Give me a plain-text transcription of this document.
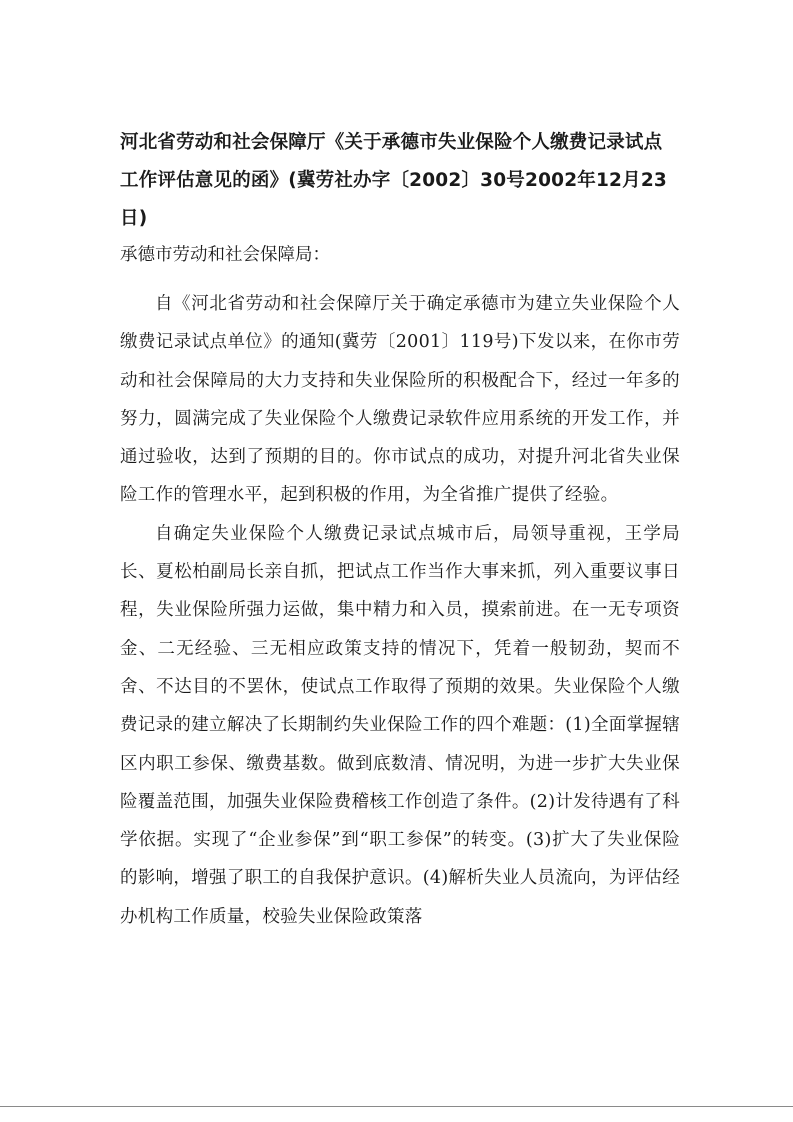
河北省劳动和社会保障厅《关于承德市失业保险个人缴费记录试点工作评估意见的函》(冀劳社办字〔2002〕30号2002年12月23日)

承德市劳动和社会保障局：

自《河北省劳动和社会保障厅关于确定承德市为建立失业保险个人缴费记录试点单位》的通知(冀劳〔2001〕119号)下发以来，在你市劳动和社会保障局的大力支持和失业保险所的积极配合下，经过一年多的努力，圆满完成了失业保险个人缴费记录软件应用系统的开发工作，并通过验收，达到了预期的目的。你市试点的成功，对提升河北省失业保险工作的管理水平，起到积极的作用，为全省推广提供了经验。

自确定失业保险个人缴费记录试点城市后，局领导重视，王学局长、夏松柏副局长亲自抓，把试点工作当作大事来抓，列入重要议事日程，失业保险所强力运做，集中精力和入员，摸索前进。在一无专项资金、二无经验、三无相应政策支持的情况下，凭着一般韧劲，契而不舍、不达目的不罢休，使试点工作取得了预期的效果。失业保险个人缴费记录的建立解决了长期制约失业保险工作的四个难题：(1)全面掌握辖区内职工参保、缴费基数。做到底数清、情况明，为进一步扩大失业保险覆盖范围，加强失业保险费稽核工作创造了条件。(2)计发待遇有了科学依据。实现了“企业参保”到“职工参保”的转变。(3)扩大了失业保险的影响，增强了职工的自我保护意识。(4)解析失业人员流向，为评估经办机构工作质量，校验失业保险政策落
